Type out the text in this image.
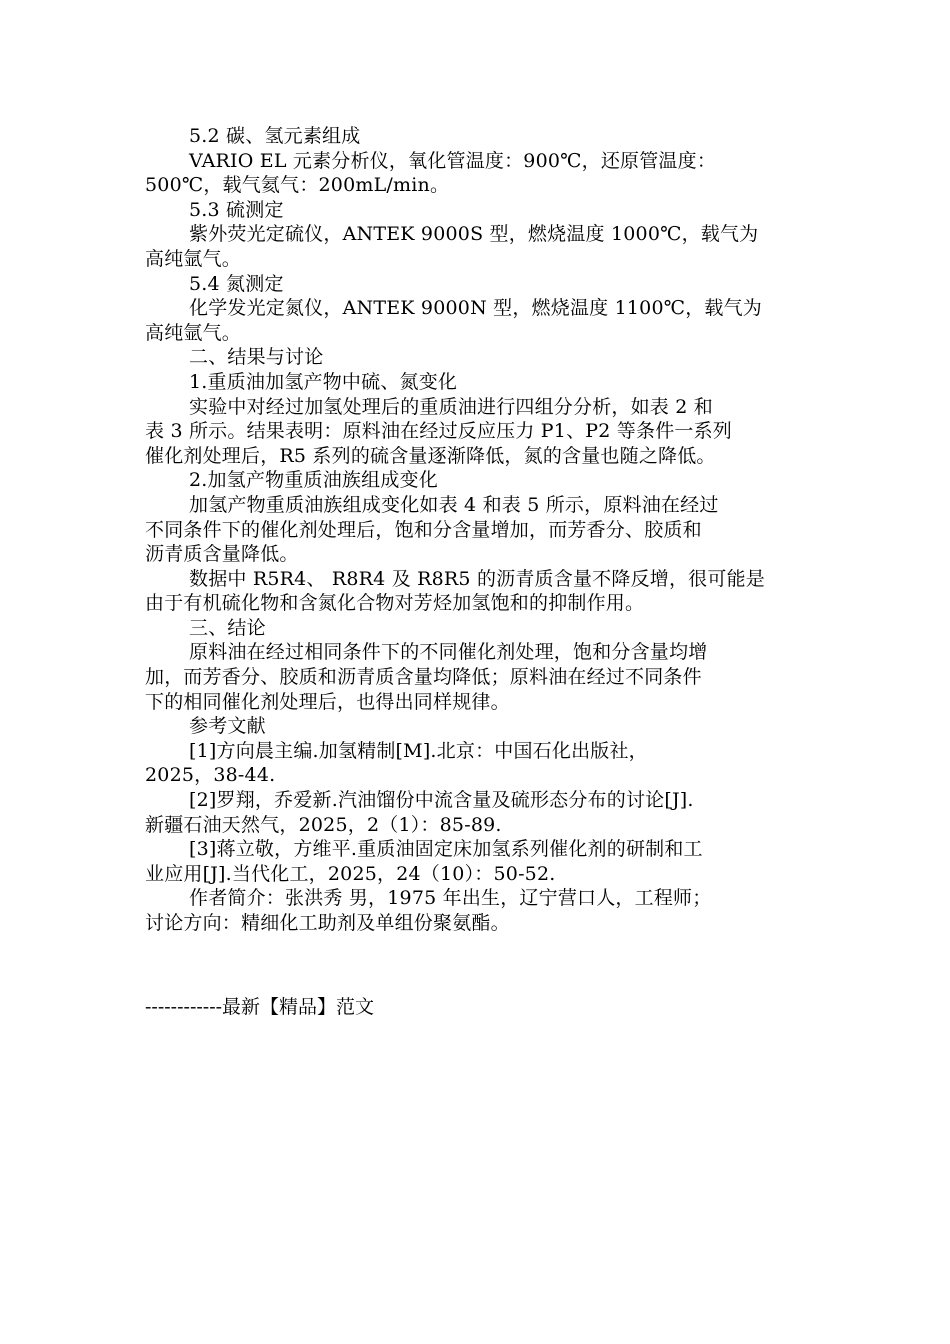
5.2 碳、氢元素组成
VARIO EL 元素分析仪，氧化管温度：900℃，还原管温度：
500℃，载气氦气：200mL/min。
5.3 硫测定
紫外荧光定硫仪，ANTEK 9000S 型，燃烧温度 1000℃，载气为
高纯氩气。
5.4 氮测定
化学发光定氮仪，ANTEK 9000N 型，燃烧温度 1100℃，载气为
高纯氩气。
二、结果与讨论
1.重质油加氢产物中硫、氮变化
实验中对经过加氢处理后的重质油进行四组分分析，如表 2 和
表 3 所示。结果表明：原料油在经过反应压力 P1、P2 等条件一系列
催化剂处理后，R5 系列的硫含量逐渐降低，氮的含量也随之降低。
2.加氢产物重质油族组成变化
加氢产物重质油族组成变化如表 4 和表 5 所示，原料油在经过
不同条件下的催化剂处理后，饱和分含量增加，而芳香分、胶质和
沥青质含量降低。
数据中 R5R4、 R8R4 及 R8R5 的沥青质含量不降反增，很可能是
由于有机硫化物和含氮化合物对芳烃加氢饱和的抑制作用。
三、结论
原料油在经过相同条件下的不同催化剂处理，饱和分含量均增
加，而芳香分、胶质和沥青质含量均降低；原料油在经过不同条件
下的相同催化剂处理后，也得出同样规律。
参考文献
[1]方向晨主编.加氢精制[M].北京：中国石化出版社，
2025，38-44.
[2]罗翔，乔爱新.汽油馏份中流含量及硫形态分布的讨论[J].
新疆石油天然气，2025，2（1）：85-89.
[3]蒋立敬，方维平.重质油固定床加氢系列催化剂的研制和工
业应用[J].当代化工，2025，24（10）：50-52.
作者简介：张洪秀 男，1975 年出生，辽宁营口人，工程师；
讨论方向：精细化工助剂及单组份聚氨酯。
------------最新【精品】范文
